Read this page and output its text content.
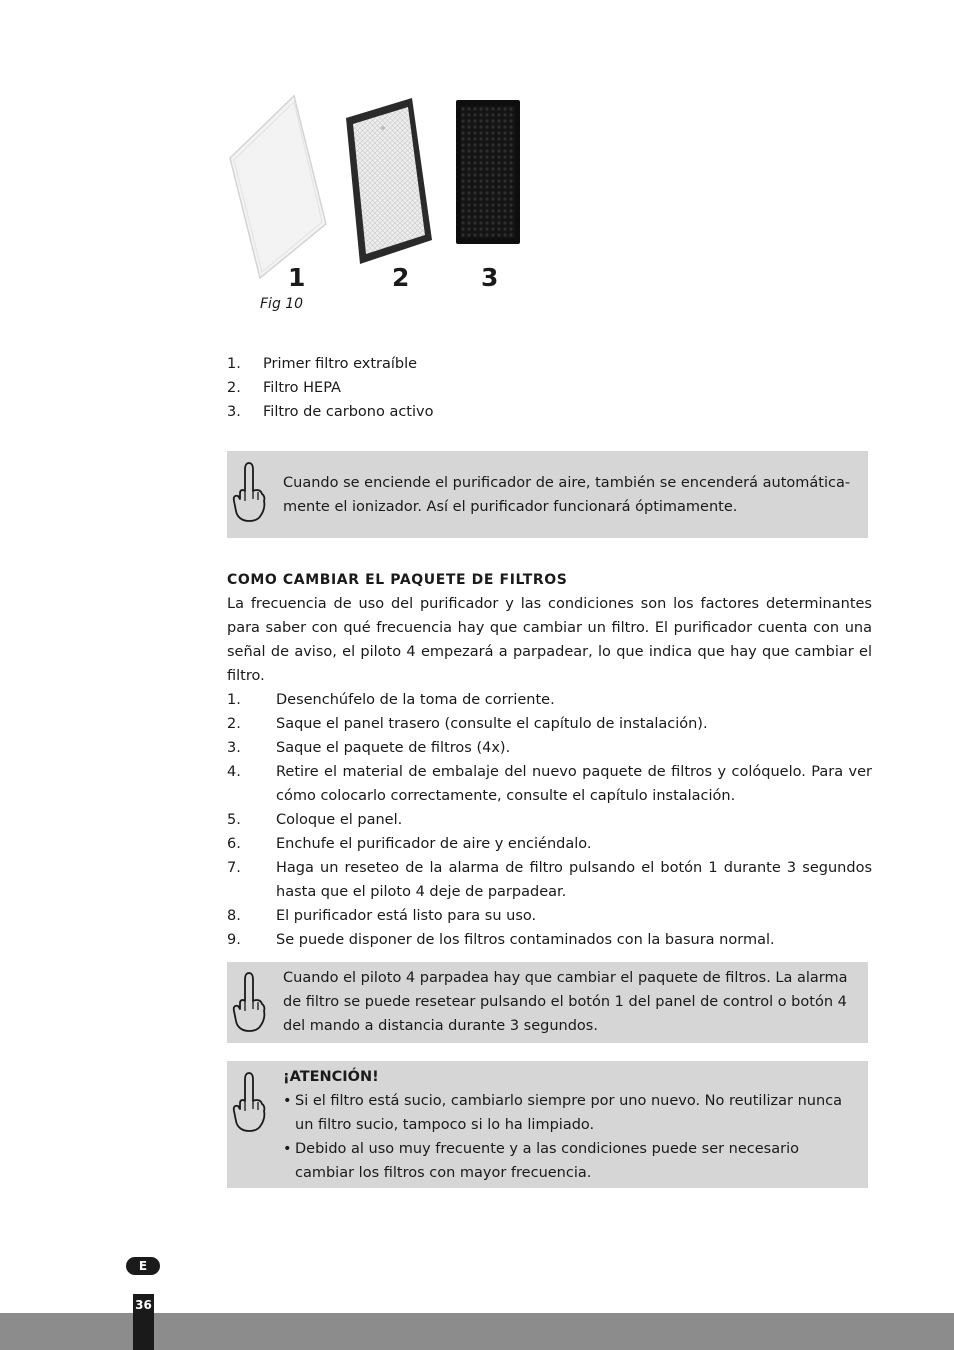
1	2	3
Fig 10
1. Primer filtro extraíble
2. Filtro HEPA
3. Filtro de carbono activo
Cuando se enciende el purificador de aire, también se encenderá automática-mente el ionizador. Así el purificador funcionará óptimamente.
COMO CAMBIAR EL PAQUETE DE FILTROS

La frecuencia de uso del purificador y las condiciones son los factores determinantes para saber con qué frecuencia hay que cambiar un filtro. El purificador cuenta con una señal de aviso, el piloto 4 empezará a parpadear, lo que indica que hay que cambiar el filtro.

1. Desenchúfelo de la toma de corriente.
2. Saque el panel trasero (consulte el capítulo de instalación).
3. Saque el paquete de filtros (4x).
4. Retire el material de embalaje del nuevo paquete de filtros y colóquelo. Para ver cómo colocarlo correctamente, consulte el capítulo instalación.
5. Coloque el panel.
6. Enchufe el purificador de aire y enciéndalo.
7. Haga un reseteo de la alarma de filtro pulsando el botón 1 durante 3 segundos hasta que el piloto 4 deje de parpadear.
8. El purificador está listo para su uso.
9. Se puede disponer de los filtros contaminados con la basura normal.
Cuando el piloto 4 parpadea hay que cambiar el paquete de filtros. La alarma de filtro se puede resetear pulsando el botón 1 del panel de control o botón 4 del mando a distancia durante 3 segundos.
¡ATENCIÓN!
• Si el filtro está sucio, cambiarlo siempre por uno nuevo. No reutilizar nunca un filtro sucio, tampoco si lo ha limpiado.
• Debido al uso muy frecuente y a las condiciones puede ser necesario cambiar los filtros con mayor frecuencia.
E
36
